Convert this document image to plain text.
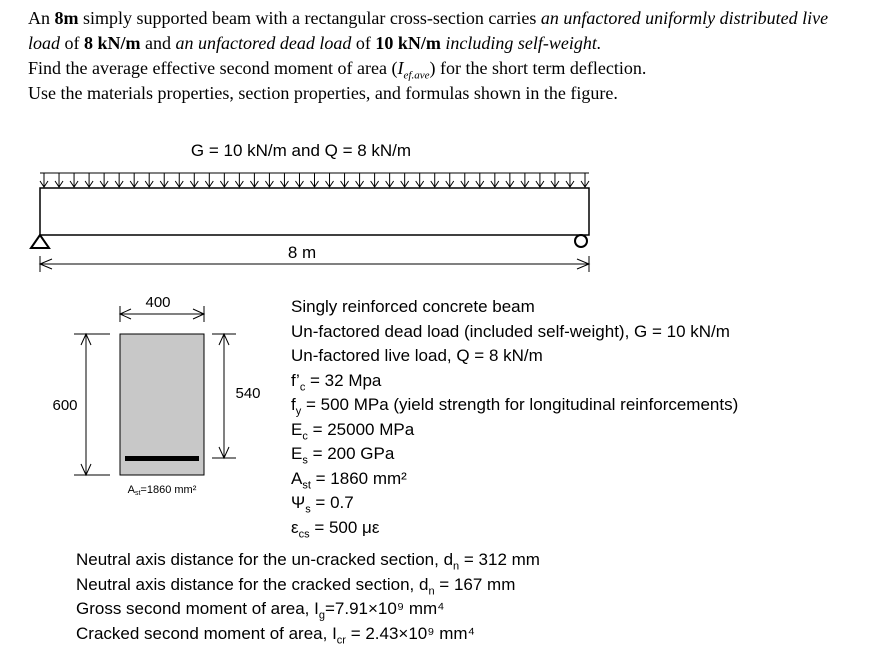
An 8m simply supported beam with a rectangular cross-section carries an unfactored uniformly distributed live load of 8 kN/m and an unfactored dead load of 10 kN/m including self-weight.

Find the average effective second moment of area $(I_{ef.ave})$ for the short term deflection.

Use the materials properties, section properties, and formulas shown in the figure.

G = 10 kN/m and Q = 8 kN/m
8 m
400
600
540
Ast=1860 mm²
Singly reinforced concrete beam
Un-factored dead load (included self-weight), G = 10 kN/m
Un-factored live load, Q = 8 kN/m
$f’_c = 32$ Mpa
$f_y = 500$ MPa (yield strength for longitudinal reinforcements)
$E_c = 25000$ MPa
$E_s = 200$ GPa
$A_{st} = 1860$ mm²
$\Psi_s = 0.7$
$\varepsilon_{cs} = 500$ με
Neutral axis distance for the un-cracked section, $d_n = 312$ mm
Neutral axis distance for the cracked section, $d_n = 167$ mm
Gross second moment of area, $I_g=7.91\times 10^9$ mm⁴
Cracked second moment of area, $I_{cr} = 2.43\times 10^9$ mm⁴
